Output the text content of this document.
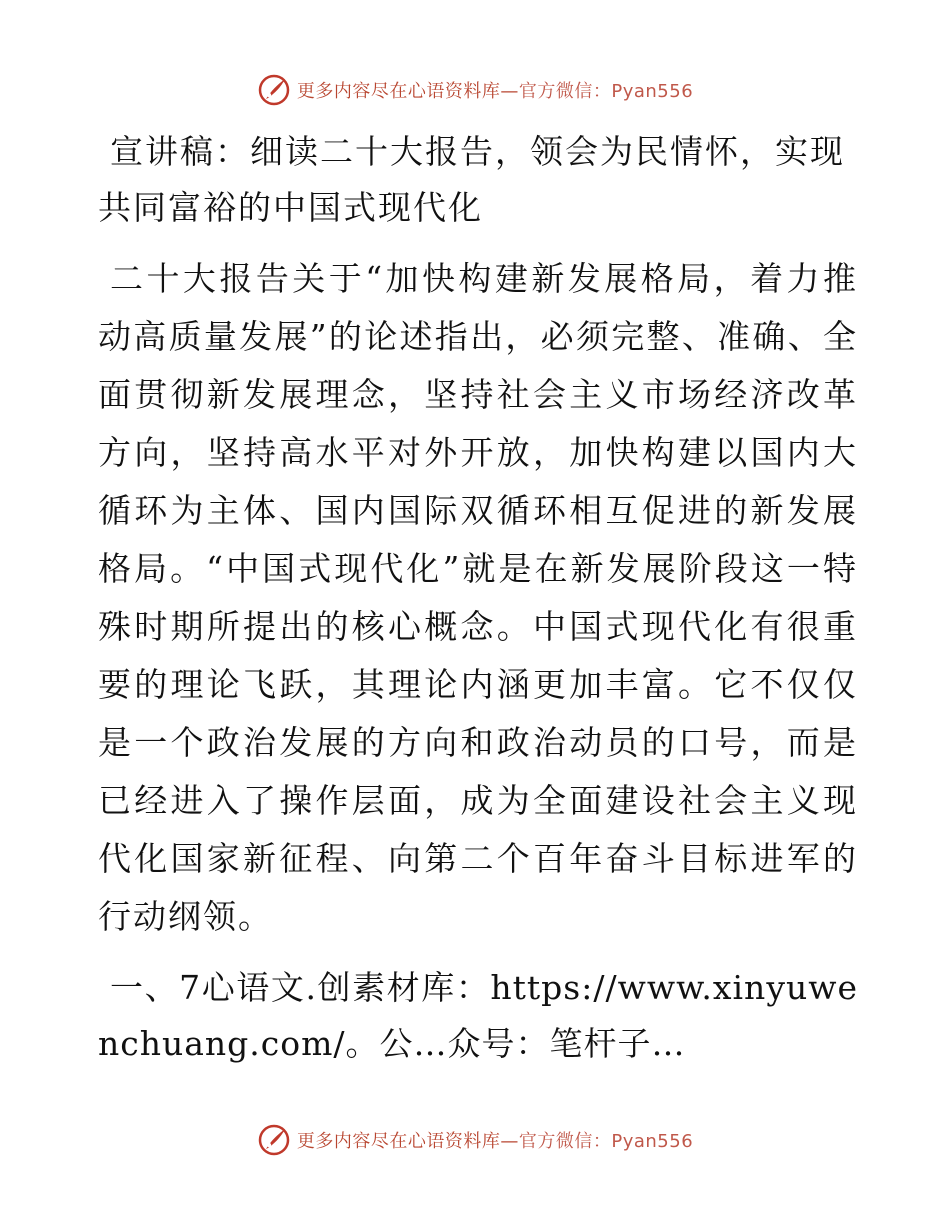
更多内容尽在心语资料库—官方微信：Pyan556
宣讲稿：细读二十大报告，领会为民情怀，实现共同富裕的中国式现代化

二十大报告关于“加快构建新发展格局，着力推动高质量发展”的论述指出，必须完整、准确、全面贯彻新发展理念，坚持社会主义市场经济改革方向，坚持高水平对外开放，加快构建以国内大循环为主体、国内国际双循环相互促进的新发展格局。“中国式现代化”就是在新发展阶段这一特殊时期所提出的核心概念。中国式现代化有很重要的理论飞跃，其理论内涵更加丰富。它不仅仅是一个政治发展的方向和政治动员的口号，而是已经进入了操作层面，成为全面建设社会主义现代化国家新征程、向第二个百年奋斗目标进军的行动纲领。

一、7心语文.创素材库：https://www.xinyuwenchuang.com/。公…众号：笔杆子…

更多内容尽在心语资料库—官方微信：Pyan556
